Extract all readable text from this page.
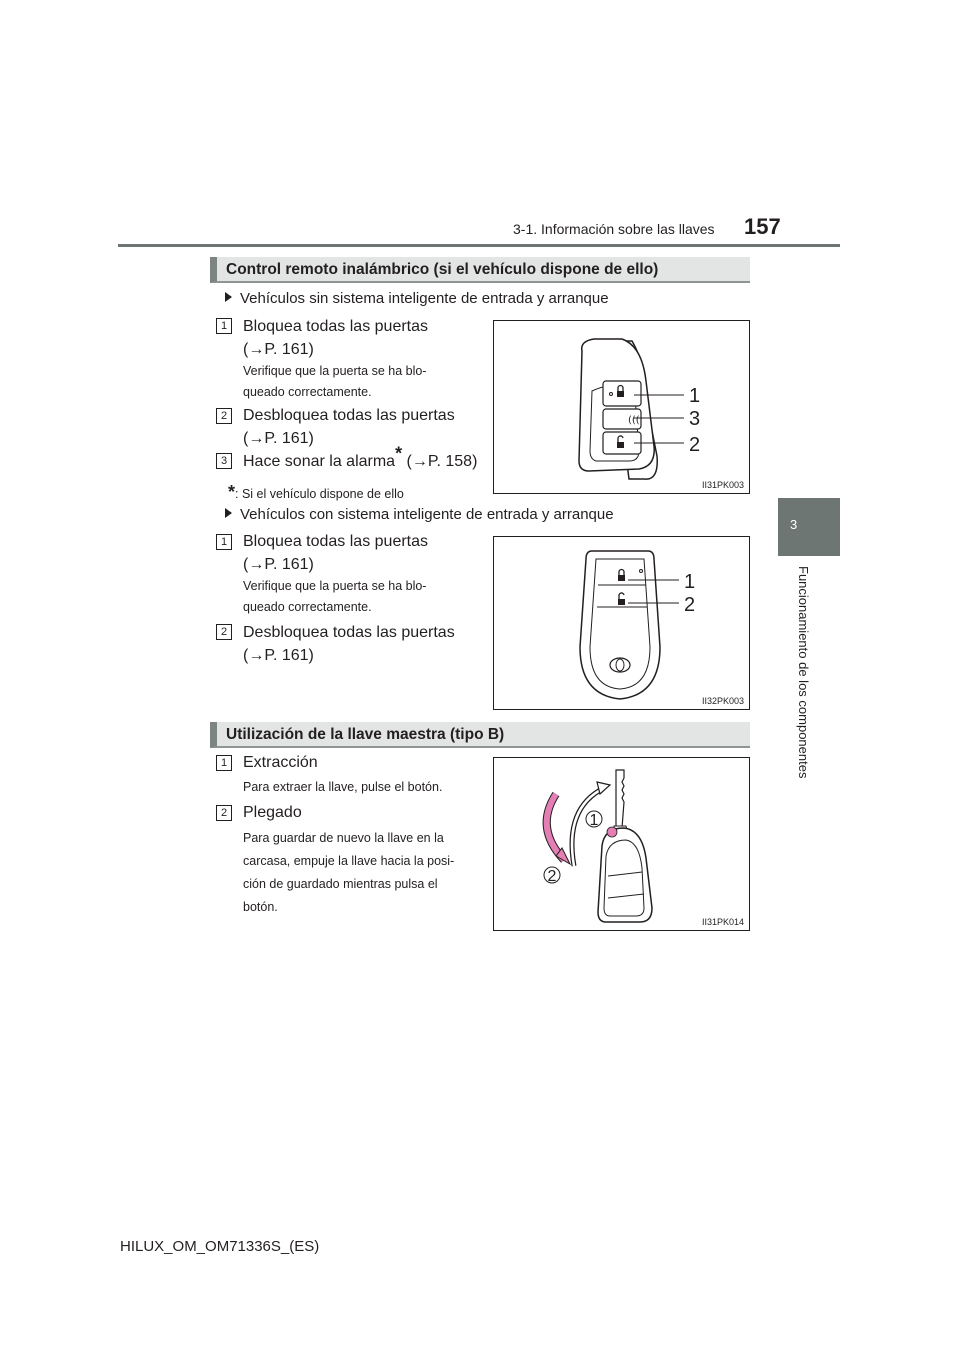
3-1. Información sobre las llaves 157
3
Funcionamiento de los componentes
Control remoto inalámbrico (si el vehículo dispone de ello)
Vehículos sin sistema inteligente de entrada y arranque
1 Bloquea todas las puertas
(→P. 161)
Verifique que la puerta se ha blo-
queado correctamente.
2 Desbloquea todas las puertas
(→P. 161)
3 Hace sonar la alarma* (→P. 158)
*: Si el vehículo dispone de ello
(((
1
3
2
II31PK003
Vehículos con sistema inteligente de entrada y arranque
1 Bloquea todas las puertas
(→P. 161)
Verifique que la puerta se ha blo-
queado correctamente.
2 Desbloquea todas las puertas
(→P. 161)
1
2
II32PK003
Utilización de la llave maestra (tipo B)
1 Extracción
Para extraer la llave, pulse el botón.
2 Plegado
Para guardar de nuevo la llave en la
carcasa, empuje la llave hacia la posi-
ción de guardado mientras pulsa el
botón.
1
2
II31PK014
HILUX_OM_OM71336S_(ES)
